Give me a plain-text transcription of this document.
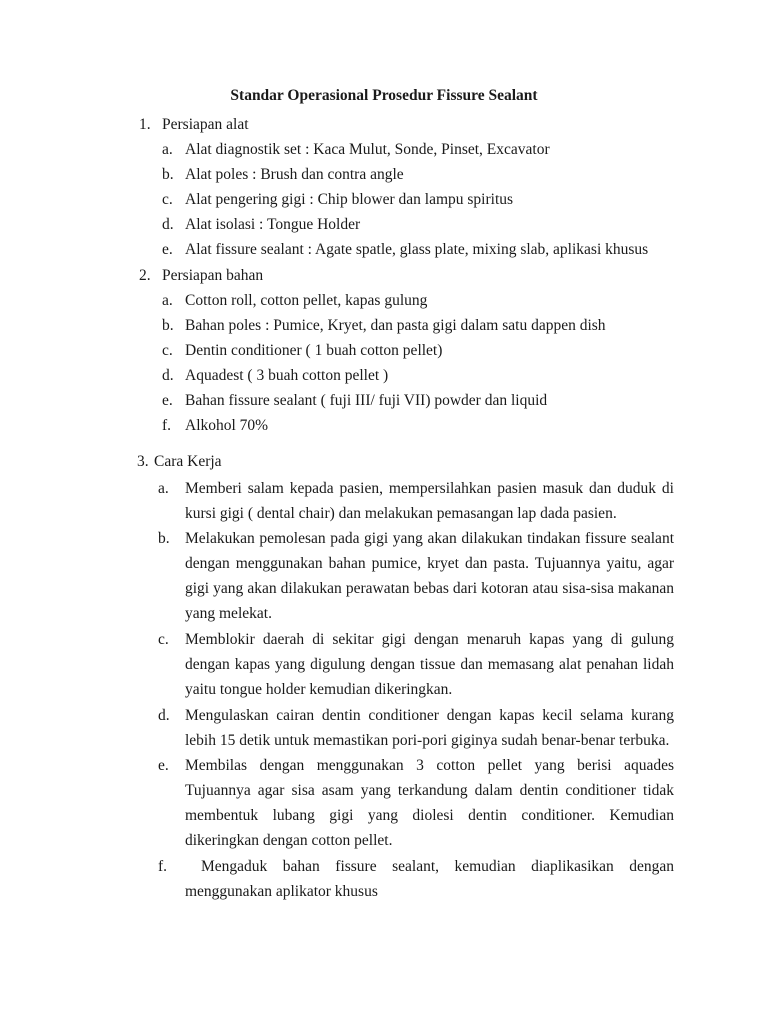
Standar Operasional Prosedur Fissure Sealant
1. Persiapan alat
a. Alat diagnostik set : Kaca Mulut, Sonde, Pinset, Excavator
b. Alat poles : Brush dan contra angle
c. Alat pengering gigi : Chip blower dan lampu spiritus
d. Alat isolasi : Tongue Holder
e. Alat fissure sealant : Agate spatle, glass plate, mixing slab, aplikasi khusus
2. Persiapan bahan
a. Cotton roll, cotton pellet, kapas gulung
b. Bahan poles : Pumice, Kryet, dan pasta gigi dalam satu dappen dish
c. Dentin conditioner ( 1 buah cotton pellet)
d. Aquadest ( 3 buah cotton pellet )
e. Bahan fissure sealant ( fuji III/ fuji VII) powder dan liquid
f. Alkohol 70%
3. Cara Kerja
a. Memberi salam kepada pasien, mempersilahkan pasien masuk dan duduk di kursi gigi ( dental chair) dan melakukan pemasangan lap dada pasien.
b. Melakukan pemolesan pada gigi yang akan dilakukan tindakan fissure sealant dengan menggunakan bahan pumice, kryet dan pasta. Tujuannya yaitu, agar gigi yang akan dilakukan perawatan bebas dari kotoran atau sisa-sisa makanan yang melekat.
c. Memblokir daerah di sekitar gigi dengan menaruh kapas yang di gulung dengan kapas yang digulung dengan tissue dan memasang alat penahan lidah yaitu tongue holder kemudian dikeringkan.
d. Mengulaskan cairan dentin conditioner dengan kapas kecil selama kurang lebih 15 detik untuk memastikan pori-pori giginya sudah benar-benar terbuka.
e. Membilas dengan menggunakan 3 cotton pellet yang berisi aquades Tujuannya agar sisa asam yang terkandung dalam dentin conditioner tidak membentuk lubang gigi yang diolesi dentin conditioner. Kemudian dikeringkan dengan cotton pellet.
f.	Mengaduk bahan fissure sealant, kemudian diaplikasikan dengan menggunakan aplikator khusus
